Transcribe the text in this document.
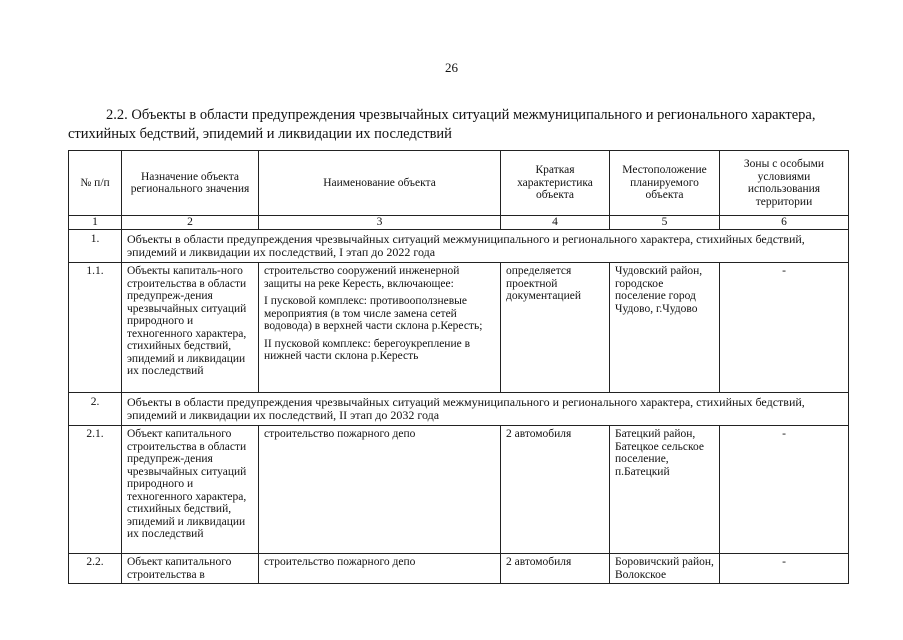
26
2.2. Объекты в области предупреждения чрезвычайных ситуаций межмуниципального и регионального характера,
стихийных бедствий, эпидемий и ликвидации их последствий
№ п/п	Назначение объекта регионального значения	Наименование объекта	Краткая характеристика объекта	Местоположение планируемого объекта	Зоны с особыми условиями использования территории
1	2	3	4	5	6
1.	Объекты в области предупреждения чрезвычайных ситуаций межмуниципального и регионального характера, стихийных бедствий, эпидемий и ликвидации их последствий, I этап до 2022 года				
1.1.	Объекты капиталь-ного строительства в области предупреж-дения чрезвычайных ситуаций природного и техногенного характера, стихийных бедствий, эпидемий и ликвидации их последствий	строительство сооружений инженерной защиты на реке Кересть, включающее:

I пусковой комплекс: противооползневые мероприятия (в том числе замена сетей водовода) в верхней части склона р.Кересть;

II пусковой комплекс: берегоукрепление в нижней части склона р.Кересть	определяется проектной документацией	Чудовский район, городское поселение город Чудово, г.Чудово	-
2.	Объекты в области предупреждения чрезвычайных ситуаций межмуниципального и регионального характера, стихийных бедствий, эпидемий и ликвидации их последствий, II этап до 2032 года				
2.1.	Объект капитального строительства в области предупреж-дения чрезвычайных ситуаций природного и техногенного характера, стихийных бедствий, эпидемий и ликвидации их последствий	строительство пожарного депо	2 автомобиля	Батецкий район, Батецкое сельское поселение, п.Батецкий	-
2.2.	Объект капитального строительства в	строительство пожарного депо	2 автомобиля	Боровичский район, Волокское	-
